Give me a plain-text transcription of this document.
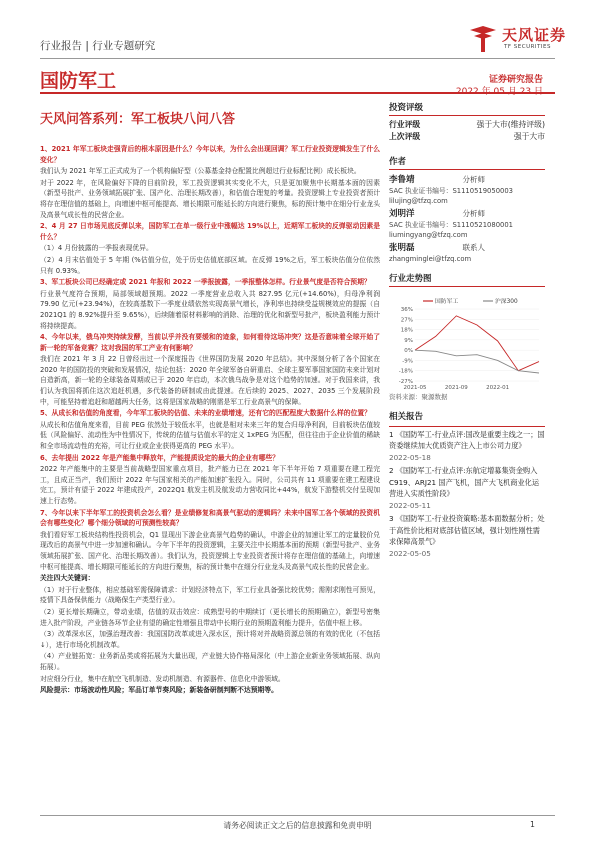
行业报告 | 行业专题研究
天风证券
TF SECURITIES
国防军工	证券研究报告
天风问答系列：军工板块八问八答
投资评级
行业评级	强于大市(维持评级)
上次评级	强于大市
作者
李鲁靖	分析师
SAC 执业证书编号：S1110519050003
lilujing@tfzq.com
刘明洋	分析师
SAC 执业证书编号：S1110521080001
liumingyang@tfzq.com
张明磊	联系人
zhangminglei@tfzq.com
行业走势图
36%
27%
18%
9%
0%
-9%
-18%
-27%
2021-05	2021-09	2022-01
国防军工	沪深300
资料来源：聚源数据
相关报告
1 《国防军工-行业点评:国改是重要主线之一；国资委继续加大优质资产注入上市公司力度》
2022-05-18
2 《国防军工-行业点评:东航定增募集资金购入 C919、ARJ21 国产飞机，国产大飞机商业化运营进入实质性阶段》
2022-05-11
3 《国防军工-行业投资策略:基本面数据分析；处于高性价比相对底部估值区域，强计划性刚性需求保障高景气》
2022-05-05

1、2021 年军工板块走强背后的根本原因是什么？今年以来，为什么会出现回调？军工行业投资逻辑发生了什么变化？

我们认为 2021 年军工正式成为了一个机构偏好型（公募基金持仓配置比例超过行业标配比例）成长板块。

对于 2022 年，在风险偏好下降的目前阶段，军工投资逻辑其实变化不大，只是更加聚焦中长期基本面的因素（新型号批产、业务领域拓展扩张、国产化、治理长期改善），和估值合理复的考量。投资逻辑上专业投资者预计将存在理信值的基础上，向增速中枢可能提高、增长期限可能延长的方向进行聚焦，标的预计集中在细分行业龙头及高景气成长性的民营企业。

2、4 月 27 日市场见底反弹以来，国防军工在单一级行业中涨幅达 19%以上，近期军工板块的反弹驱动因素是什么？

（1）4 月份披露的一季报表现优异。

（2）4 月末估值处于 5 年期 (%估值分位，处于历史估值底部区域。在反弹 19%之后，军工板块估值分位依然只有 0.93%。

3、军工板块公司已经确定或 2021 年报和 2022 一季报披露，一季报整体怎样。行业景气度是否符合预期？

行业景气度符合预期，局部领域超预期。2022 一季度营业总收入共 827.95 亿元(+14.60%)，归母净利润 79.90 亿元(+23.94%)，在较高基数下一季度业绩依然实现高景气增长，净利率也持续受益规模效应的提振（自 2021Q1 的 8.92%提升至 9.65%），后续随着原材料影响的消除、治理的优化和新型号批产，板块盈利能力预计将持续提高。

4、今年以来，俄乌冲突持续发酵，当前以乎并没有要缓和的迹象，如何看待这场冲突？这是否意味着全球开始了新一轮的军备竞赛？这对我国的军工产业有何影响？

我们在 2021 年 3 月 22 日曾经出过一个深度报告《世界国防发展 2020 年总结》。其中深刻分析了各个国家在 2020 年的国防投的突破和发展情况，结论包括：2020 年全球军备自研重启、全球主要军事国家国防未来计划对自造新高，新一轮的全球装备周期或已于 2020 年启动，本次俄乌战争是对这个趋势的加速。对于我国来讲，我们认为我国将抓住这次追赶机遇，多代装备的研制或由此提速。在后续的 2025、2027、2035 三个发展阶段中，可能坚持着追赶和超越两大任务，这将是国家战略的刚需是军工行业高景气的保障。

5、从成长和估值的角度看，今年军工板块的估值、未来的业绩增速，还有它的匹配程度大数据什么样的位置？

从成长和估值角度来看，目前 PEG 依然处于较低水平，也就是相对未来三年的复合归母净利润，目前板块估值较低（风险偏好、流动性为中性情况下，传统的估值与估值水平的定义 1xPEG 为匹配，但往往由于企业价值的稀缺和全市场流动性的充裕，可让行业或企业获得更高的 PEG 水平）。

6、去年提出 2022 年是产能集中释放年，产能提质设定的最大的企业有哪些？

2022 年产能集中的主要是当前战略型国家重点项目，批产能力已在 2021 年下半年开始 7 项重要在建工程完工，且成正当产，我们预计 2022 年与国家相关的产能加速扩张投入。同时，公司共有 11 项重要在建工程建设完工，预计有望于 2022 年建成投产，2022Q1 航发主机及航发动力营收同比+44%，航发下游整机交付呈现加速上行态势。

7、今年以来下半年军工的投资机会怎么看？是业绩修复和高景气驱动的逻辑吗？未来中国军工各个领域的投资机会有哪些变化？哪个细分领域的可预测性较高？

我们看好军工板块结构性投资机会，Q1 显现出下游企业高景气趋势的确认，中游企业的加速让军工的定量胶价兑现改后的高景气中进一步加速和确认。今年下半年的投资逻辑，主要关注中长期基本面的预期（新型号批产、业务领域拓展扩张、国产化、治理长期改善）。我们认为，投资逻辑上专业投资者预计将存在理信值的基础上，向增速中枢可能提高、增长期限可能延长的方向进行聚焦，标的预计集中在细分行业龙头及高景气成长性的民营企业。

关注四大关键词：

（1）对于行业整体，相应基础军需保障请求：计划经济特点下，军工行业具备强比较优势；需刚求刚性可预见，疫情下具备保供能力（战略保生产类型行业）。

（2）更长增长期确立，带动业绩，估值的双击效应：成熟型号的中期续订（更长增长的预期确立），新型号密集进入批产阶段，产业链各环节企业有望的确定性增强且带动中长期行业的预期盈利能力提升，估值中枢上移。

（3）改革深水区，加强治理改善：我国国防改革或进入深水区，预计将对并战略资源总领的有效的优化（不包括 ↓），进行市场化机制改革。

（4）产业链拓宽：业务新品类或将拓展为大量出现，产业链大协作格局深化（中上游企业新业务领域拓展、纵向拓展）。

对应细分行业，集中在航空飞机制造、发动机制造、有源器件、信息化中游领域。

风险提示：市场波动性风险；军品订单节奏风险；新装备研制判断不达预期等。

请务必阅读正文之后的信息披露和免责申明	1
